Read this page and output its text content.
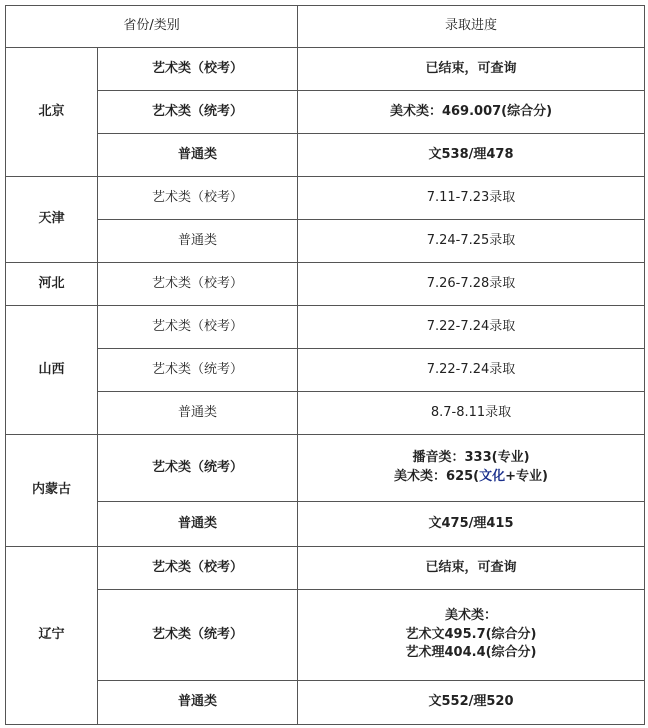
省份/类别		录取进度
北京	艺术类（校考）	已结束，可查询
	艺术类（统考）	美术类：469.007(综合分)
	普通类	文538/理478
天津	艺术类（校考）	7.11-7.23录取
	普通类	7.24-7.25录取
河北	艺术类（校考）	7.26-7.28录取
山西	艺术类（校考）	7.22-7.24录取
	艺术类（统考）	7.22-7.24录取
	普通类	8.7-8.11录取
内蒙古	艺术类（统考）	播音类：333(专业)
美术类：625(文化+专业)

	普通类	文475/理415
辽宁	艺术类（校考）	已结束，可查询
	艺术类（统考）	美术类：
艺术文495.7(综合分)
艺术理404.4(综合分)

	普通类	文552/理520
